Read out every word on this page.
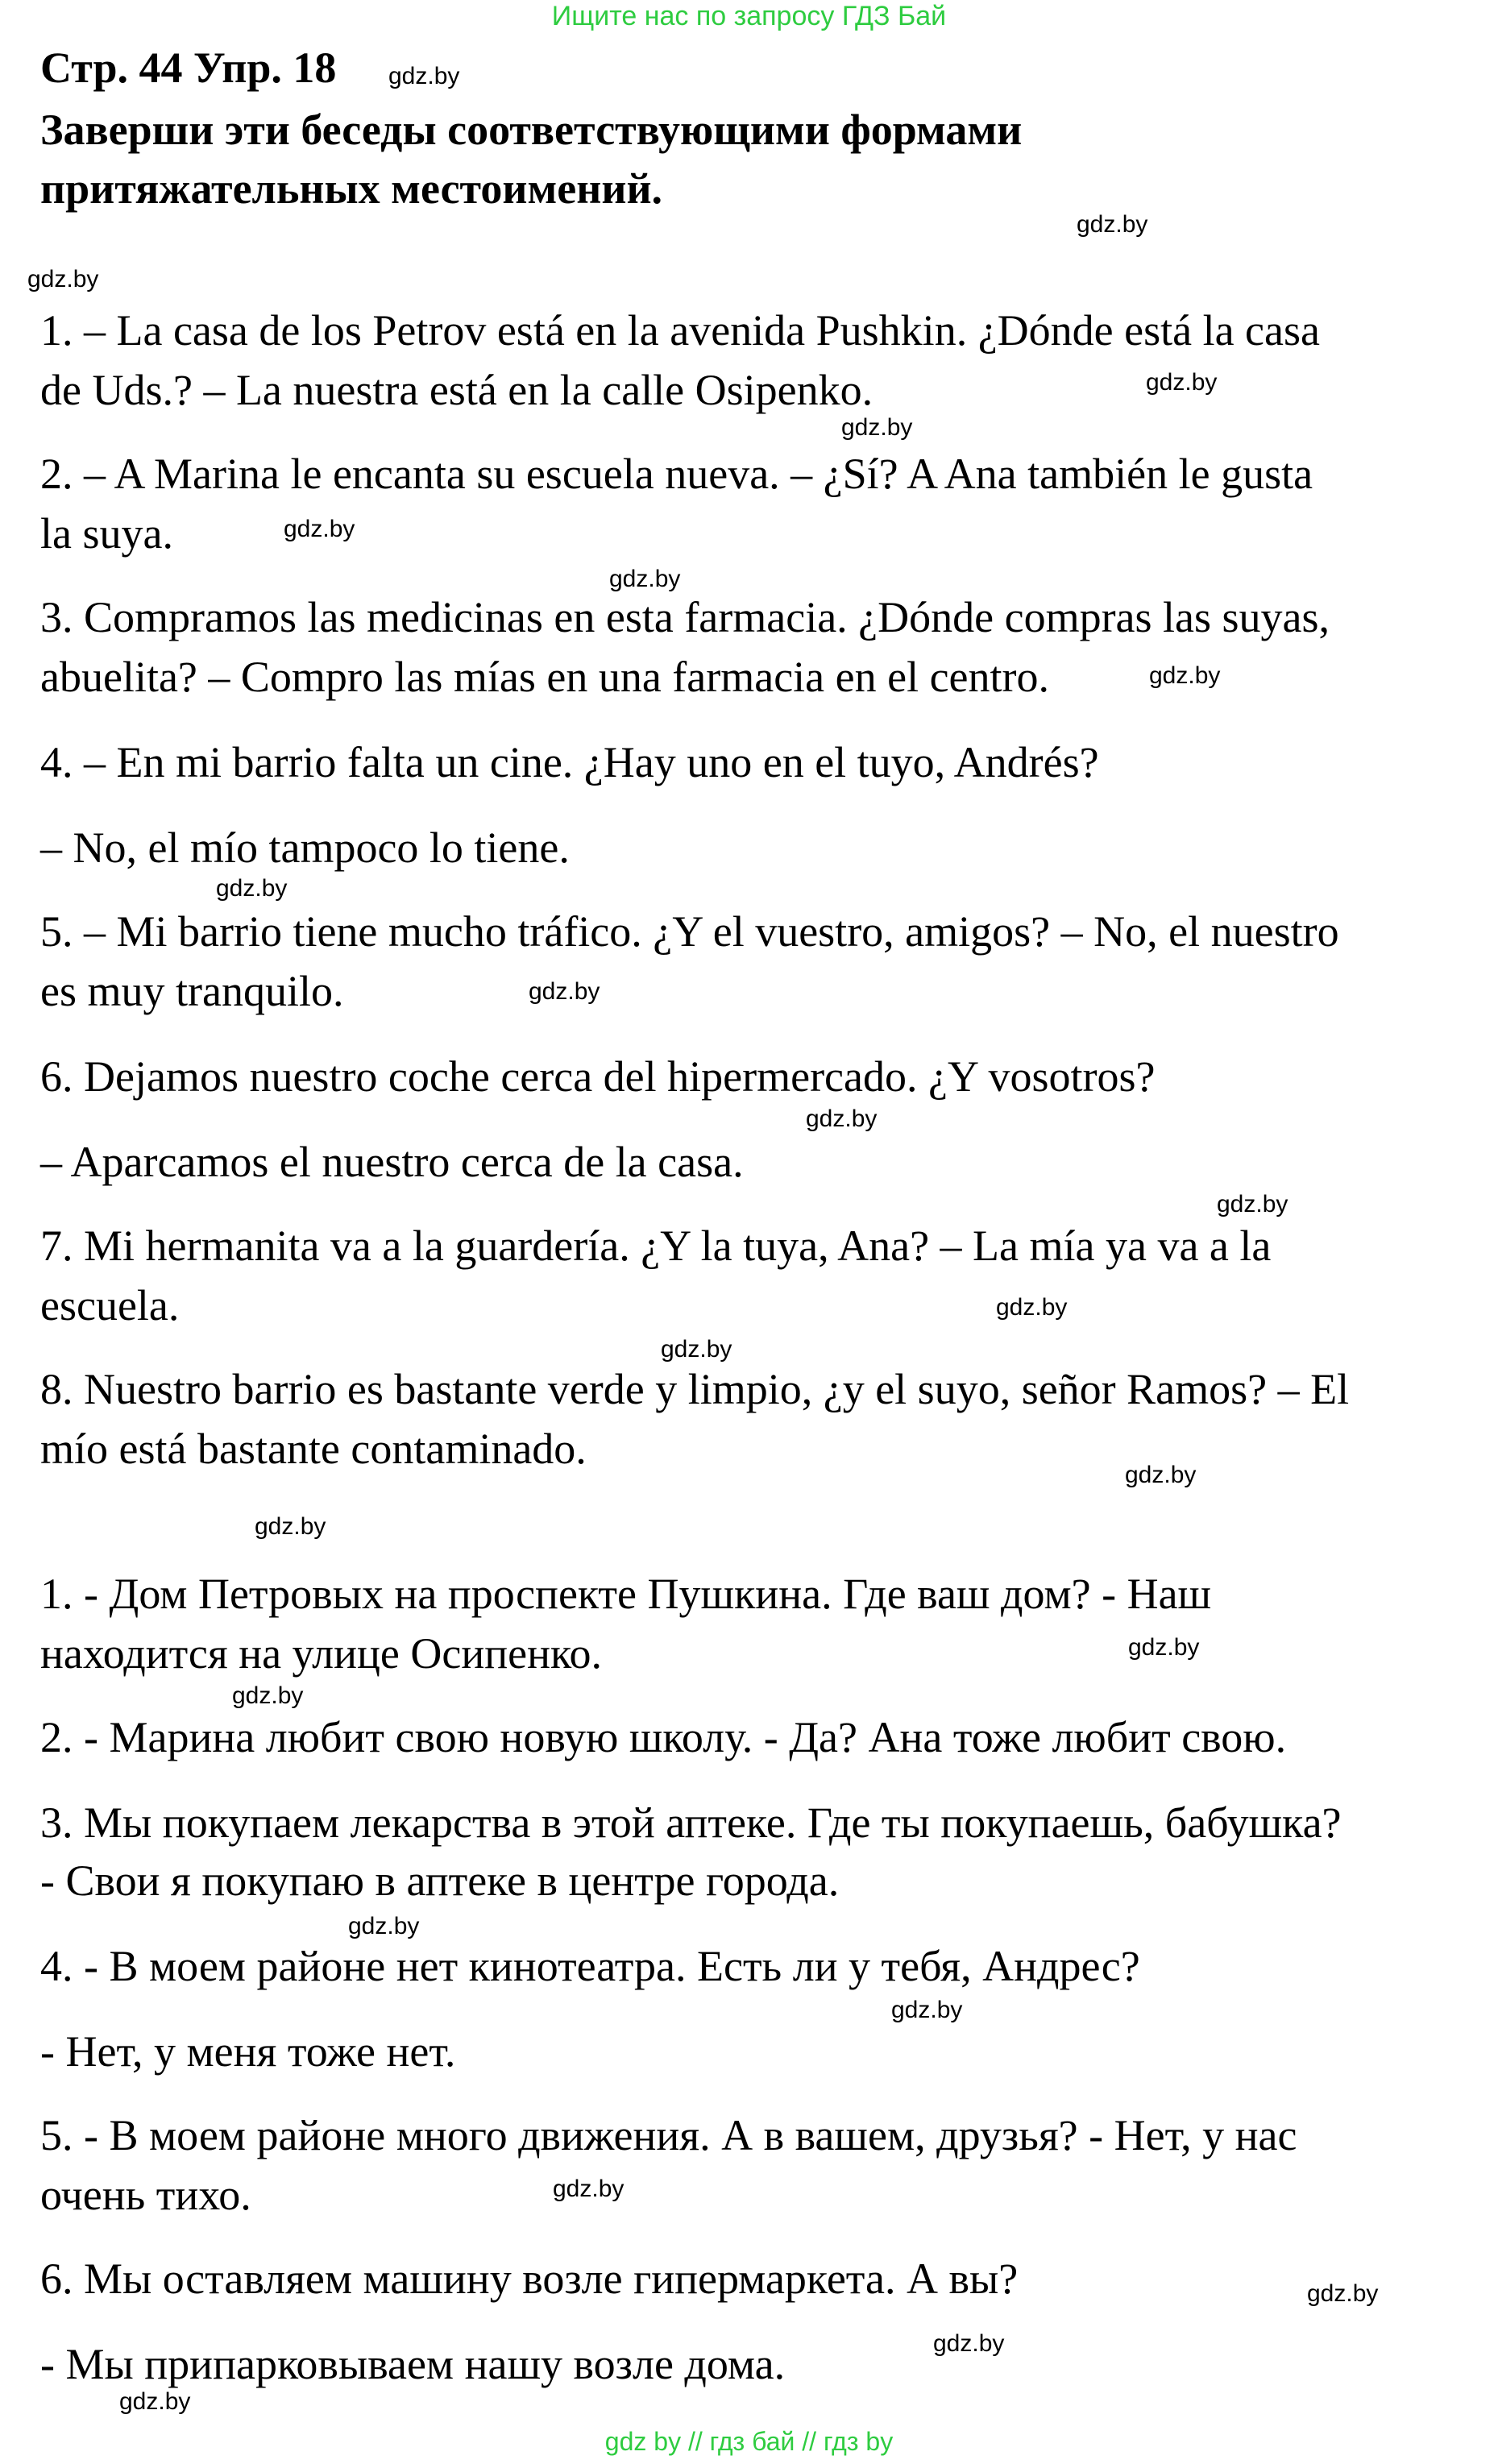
Ищите нас по запросу ГДЗ Бай
Стр. 44 Упр. 18 gdz.by
Заверши эти беседы соответствующими формами
притяжательных местоимений.
1. – La casa de los Petrov está en la avenida Pushkin. ¿Dónde está la casa
de Uds.? – La nuestra está en la calle Osipenko.
2. – A Marina le encanta su escuela nueva. – ¿Sí? A Ana también le gusta
la suya.
3. Compramos las medicinas en esta farmacia. ¿Dónde compras las suyas,
abuelita? – Compro las mías en una farmacia en el centro.
4. – En mi barrio falta un cine. ¿Hay uno en el tuyo, Andrés?
– No, el mío tampoco lo tiene.
5. – Mi barrio tiene mucho tráfico. ¿Y el vuestro, amigos? – No, el nuestro
es muy tranquilo.
6. Dejamos nuestro coche cerca del hipermercado. ¿Y vosotros?
– Aparcamos el nuestro cerca de la casa.
7. Mi hermanita va a la guardería. ¿Y la tuya, Ana? – La mía ya va a la
escuela.
8. Nuestro barrio es bastante verde y limpio, ¿y el suyo, señor Ramos? – El
mío está bastante contaminado.
1. - Дом Петровых на проспекте Пушкина. Где ваш дом? - Наш
находится на улице Осипенко.
2. - Марина любит свою новую школу. - Да? Ана тоже любит свою.
3. Мы покупаем лекарства в этой аптеке. Где ты покупаешь, бабушка?
- Свои я покупаю в аптеке в центре города.
4. - В моем районе нет кинотеатра. Есть ли у тебя, Андрес?
- Нет, у меня тоже нет.
5. - В моем районе много движения. А в вашем, друзья? - Нет, у нас
очень тихо.
6. Мы оставляем машину возле гипермаркета. А вы?
- Мы припарковываем нашу возле дома.
gdz.by
gdz.by
gdz.by
gdz.by
gdz.by
gdz.by
gdz.by
gdz.by
gdz.by
gdz.by
gdz.by
gdz.by
gdz.by
gdz.by
gdz.by
gdz.by
gdz.by
gdz.by
gdz.by
gdz.by
gdz.by
gdz.by
gdz.by
gdz by // гдз бай // гдз by
